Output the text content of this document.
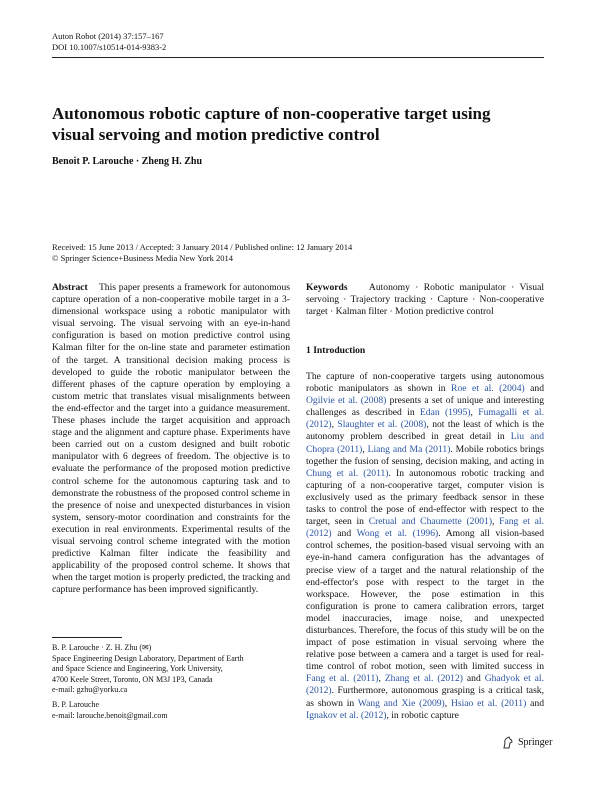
Auton Robot (2014) 37:157–167
DOI 10.1007/s10514-014-9383-2
Autonomous robotic capture of non-cooperative target using visual servoing and motion predictive control
Benoit P. Larouche · Zheng H. Zhu
Received: 15 June 2013 / Accepted: 3 January 2014 / Published online: 12 January 2014
© Springer Science+Business Media New York 2014

Abstract This paper presents a framework for autonomous capture operation of a non-cooperative mobile target in a 3-dimensional workspace using a robotic manipulator with visual servoing. The visual servoing with an eye-in-hand configuration is based on motion predictive control using Kalman filter for the on-line state and parameter estimation of the target. A transitional decision making process is developed to guide the robotic manipulator between the different phases of the capture operation by employing a custom metric that translates visual misalignments between the end-effector and the target into a guidance measurement. These phases include the target acquisition and approach stage and the alignment and capture phase. Experiments have been carried out on a custom designed and built robotic manipulator with 6 degrees of freedom. The objective is to evaluate the performance of the proposed motion predictive control scheme for the autonomous capturing task and to demonstrate the robustness of the proposed control scheme in the presence of noise and unexpected disturbances in vision system, sensory-motor coordination and constraints for the execution in real environments. Experimental results of the visual servoing control scheme integrated with the motion predictive Kalman filter indicate the feasibility and applicability of the proposed control scheme. It shows that when the target motion is properly predicted, the tracking and capture performance has been improved significantly.

B. P. Larouche · Z. H. Zhu (✉)
Space Engineering Design Laboratory, Department of Earth
and Space Science and Engineering, York University,
4700 Keele Street, Toronto, ON M3J 1P3, Canada
e-mail: gzhu@yorku.ca
B. P. Larouche
e-mail: larouche.benoit@gmail.com

Keywords Autonomy · Robotic manipulator · Visual servoing · Trajectory tracking · Capture · Non-cooperative target · Kalman filter · Motion predictive control

1 Introduction

The capture of non-cooperative targets using autonomous robotic manipulators as shown in Roe et al. (2004) and Ogilvie et al. (2008) presents a set of unique and interesting challenges as described in Edan (1995), Fumagalli et al. (2012), Slaughter et al. (2008), not the least of which is the autonomy problem described in great detail in Liu and Chopra (2011), Liang and Ma (2011). Mobile robotics brings together the fusion of sensing, decision making, and acting in Chung et al. (2011). In autonomous robotic tracking and capturing of a non-cooperative target, computer vision is exclusively used as the primary feedback sensor in these tasks to control the pose of end-effector with respect to the target, seen in Cretual and Chaumette (2001), Fang et al. (2012) and Wong et al. (1996). Among all vision-based control schemes, the position-based visual servoing with an eye-in-hand camera configuration has the advantages of precise view of a target and the natural relationship of the end-effector's pose with respect to the target in the workspace. However, the pose estimation in this configuration is prone to camera calibration errors, target model inaccuracies, image noise, and unexpected disturbances. Therefore, the focus of this study will be on the impact of pose estimation in visual servoing where the relative pose between a camera and a target is used for real-time control of robot motion, seen with limited success in Fang et al. (2011), Zhang et al. (2012) and Ghadyok et al. (2012). Furthermore, autonomous grasping is a critical task, as shown in Wang and Xie (2009), Hsiao et al. (2011) and Ignakov et al. (2012), in robotic capture

Springer
